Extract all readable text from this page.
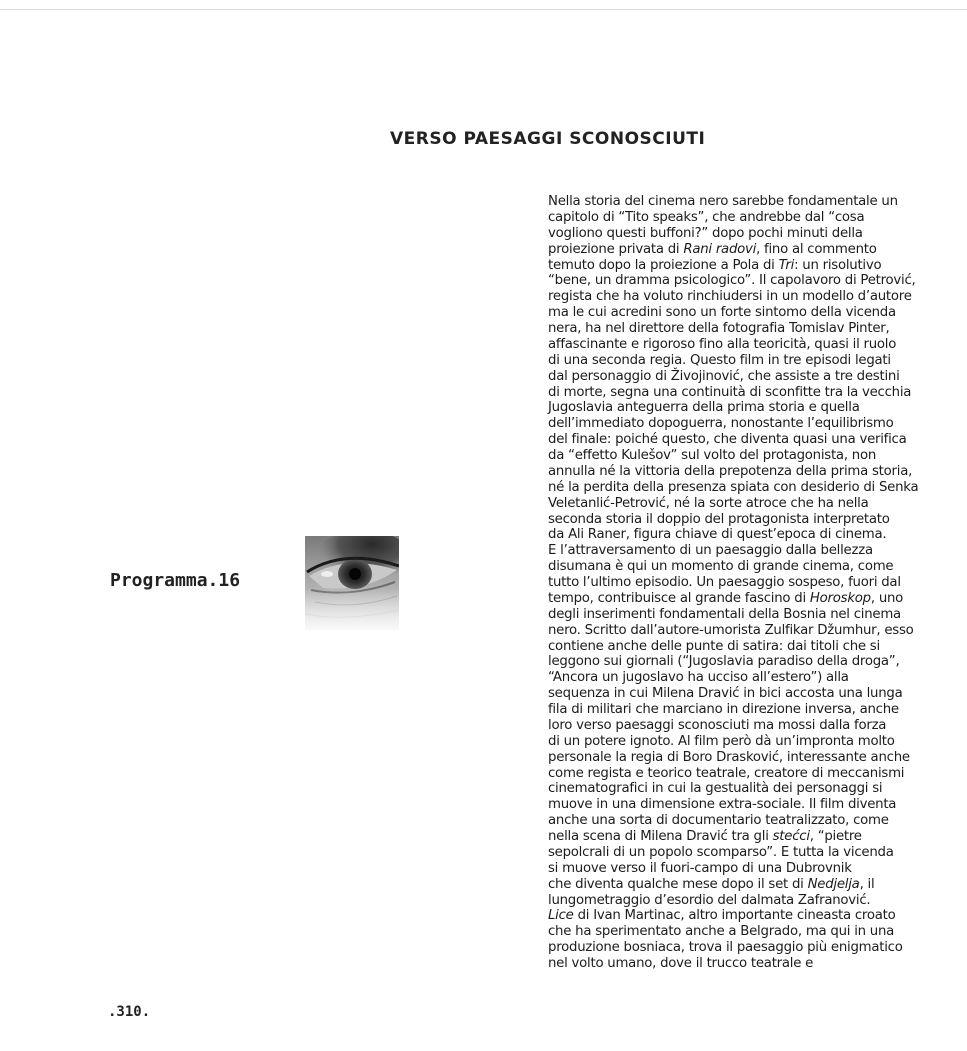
VERSO PAESAGGI SCONOSCIUTI
Programma.16
Nella storia del cinema nero sarebbe fondamentale un
capitolo di “Tito speaks”, che andrebbe dal “cosa
vogliono questi buffoni?” dopo pochi minuti della
proiezione privata di Rani radovi, fino al commento
temuto dopo la proiezione a Pola di Tri: un risolutivo
“bene, un dramma psicologico”. Il capolavoro di Petrović,
regista che ha voluto rinchiudersi in un modello d’autore
ma le cui acredini sono un forte sintomo della vicenda
nera, ha nel direttore della fotografia Tomislav Pinter,
affascinante e rigoroso fino alla teoricità, quasi il ruolo
di una seconda regia. Questo film in tre episodi legati
dal personaggio di Živojinović, che assiste a tre destini
di morte, segna una continuità di sconfitte tra la vecchia
Jugoslavia anteguerra della prima storia e quella
dell’immediato dopoguerra, nonostante l’equilibrismo
del finale: poiché questo, che diventa quasi una verifica
da “effetto Kulešov” sul volto del protagonista, non
annulla né la vittoria della prepotenza della prima storia,
né la perdita della presenza spiata con desiderio di Senka
Veletanlić-Petrović, né la sorte atroce che ha nella
seconda storia il doppio del protagonista interpretato
da Ali Raner, figura chiave di quest’epoca di cinema.
E l’attraversamento di un paesaggio dalla bellezza
disumana è qui un momento di grande cinema, come
tutto l’ultimo episodio. Un paesaggio sospeso, fuori dal
tempo, contribuisce al grande fascino di Horoskop, uno
degli inserimenti fondamentali della Bosnia nel cinema
nero. Scritto dall’autore-umorista Zulfikar Džumhur, esso
contiene anche delle punte di satira: dai titoli che si
leggono sui giornali (“Jugoslavia paradiso della droga”,
“Ancora un jugoslavo ha ucciso all’estero”) alla
sequenza in cui Milena Dravić in bici accosta una lunga
fila di militari che marciano in direzione inversa, anche
loro verso paesaggi sconosciuti ma mossi dalla forza
di un potere ignoto. Al film però dà un’impronta molto
personale la regia di Boro Drasković, interessante anche
come regista e teorico teatrale, creatore di meccanismi
cinematografici in cui la gestualità dei personaggi si
muove in una dimensione extra-sociale. Il film diventa
anche una sorta di documentario teatralizzato, come
nella scena di Milena Dravić tra gli stećci, “pietre
sepolcrali di un popolo scomparso”. E tutta la vicenda
si muove verso il fuori-campo di una Dubrovnik
che diventa qualche mese dopo il set di Nedjelja, il
lungometraggio d’esordio del dalmata Zafranović.
Lice di Ivan Martinac, altro importante cineasta croato
che ha sperimentato anche a Belgrado, ma qui in una
produzione bosniaca, trova il paesaggio più enigmatico
nel volto umano, dove il trucco teatrale e
.310.
